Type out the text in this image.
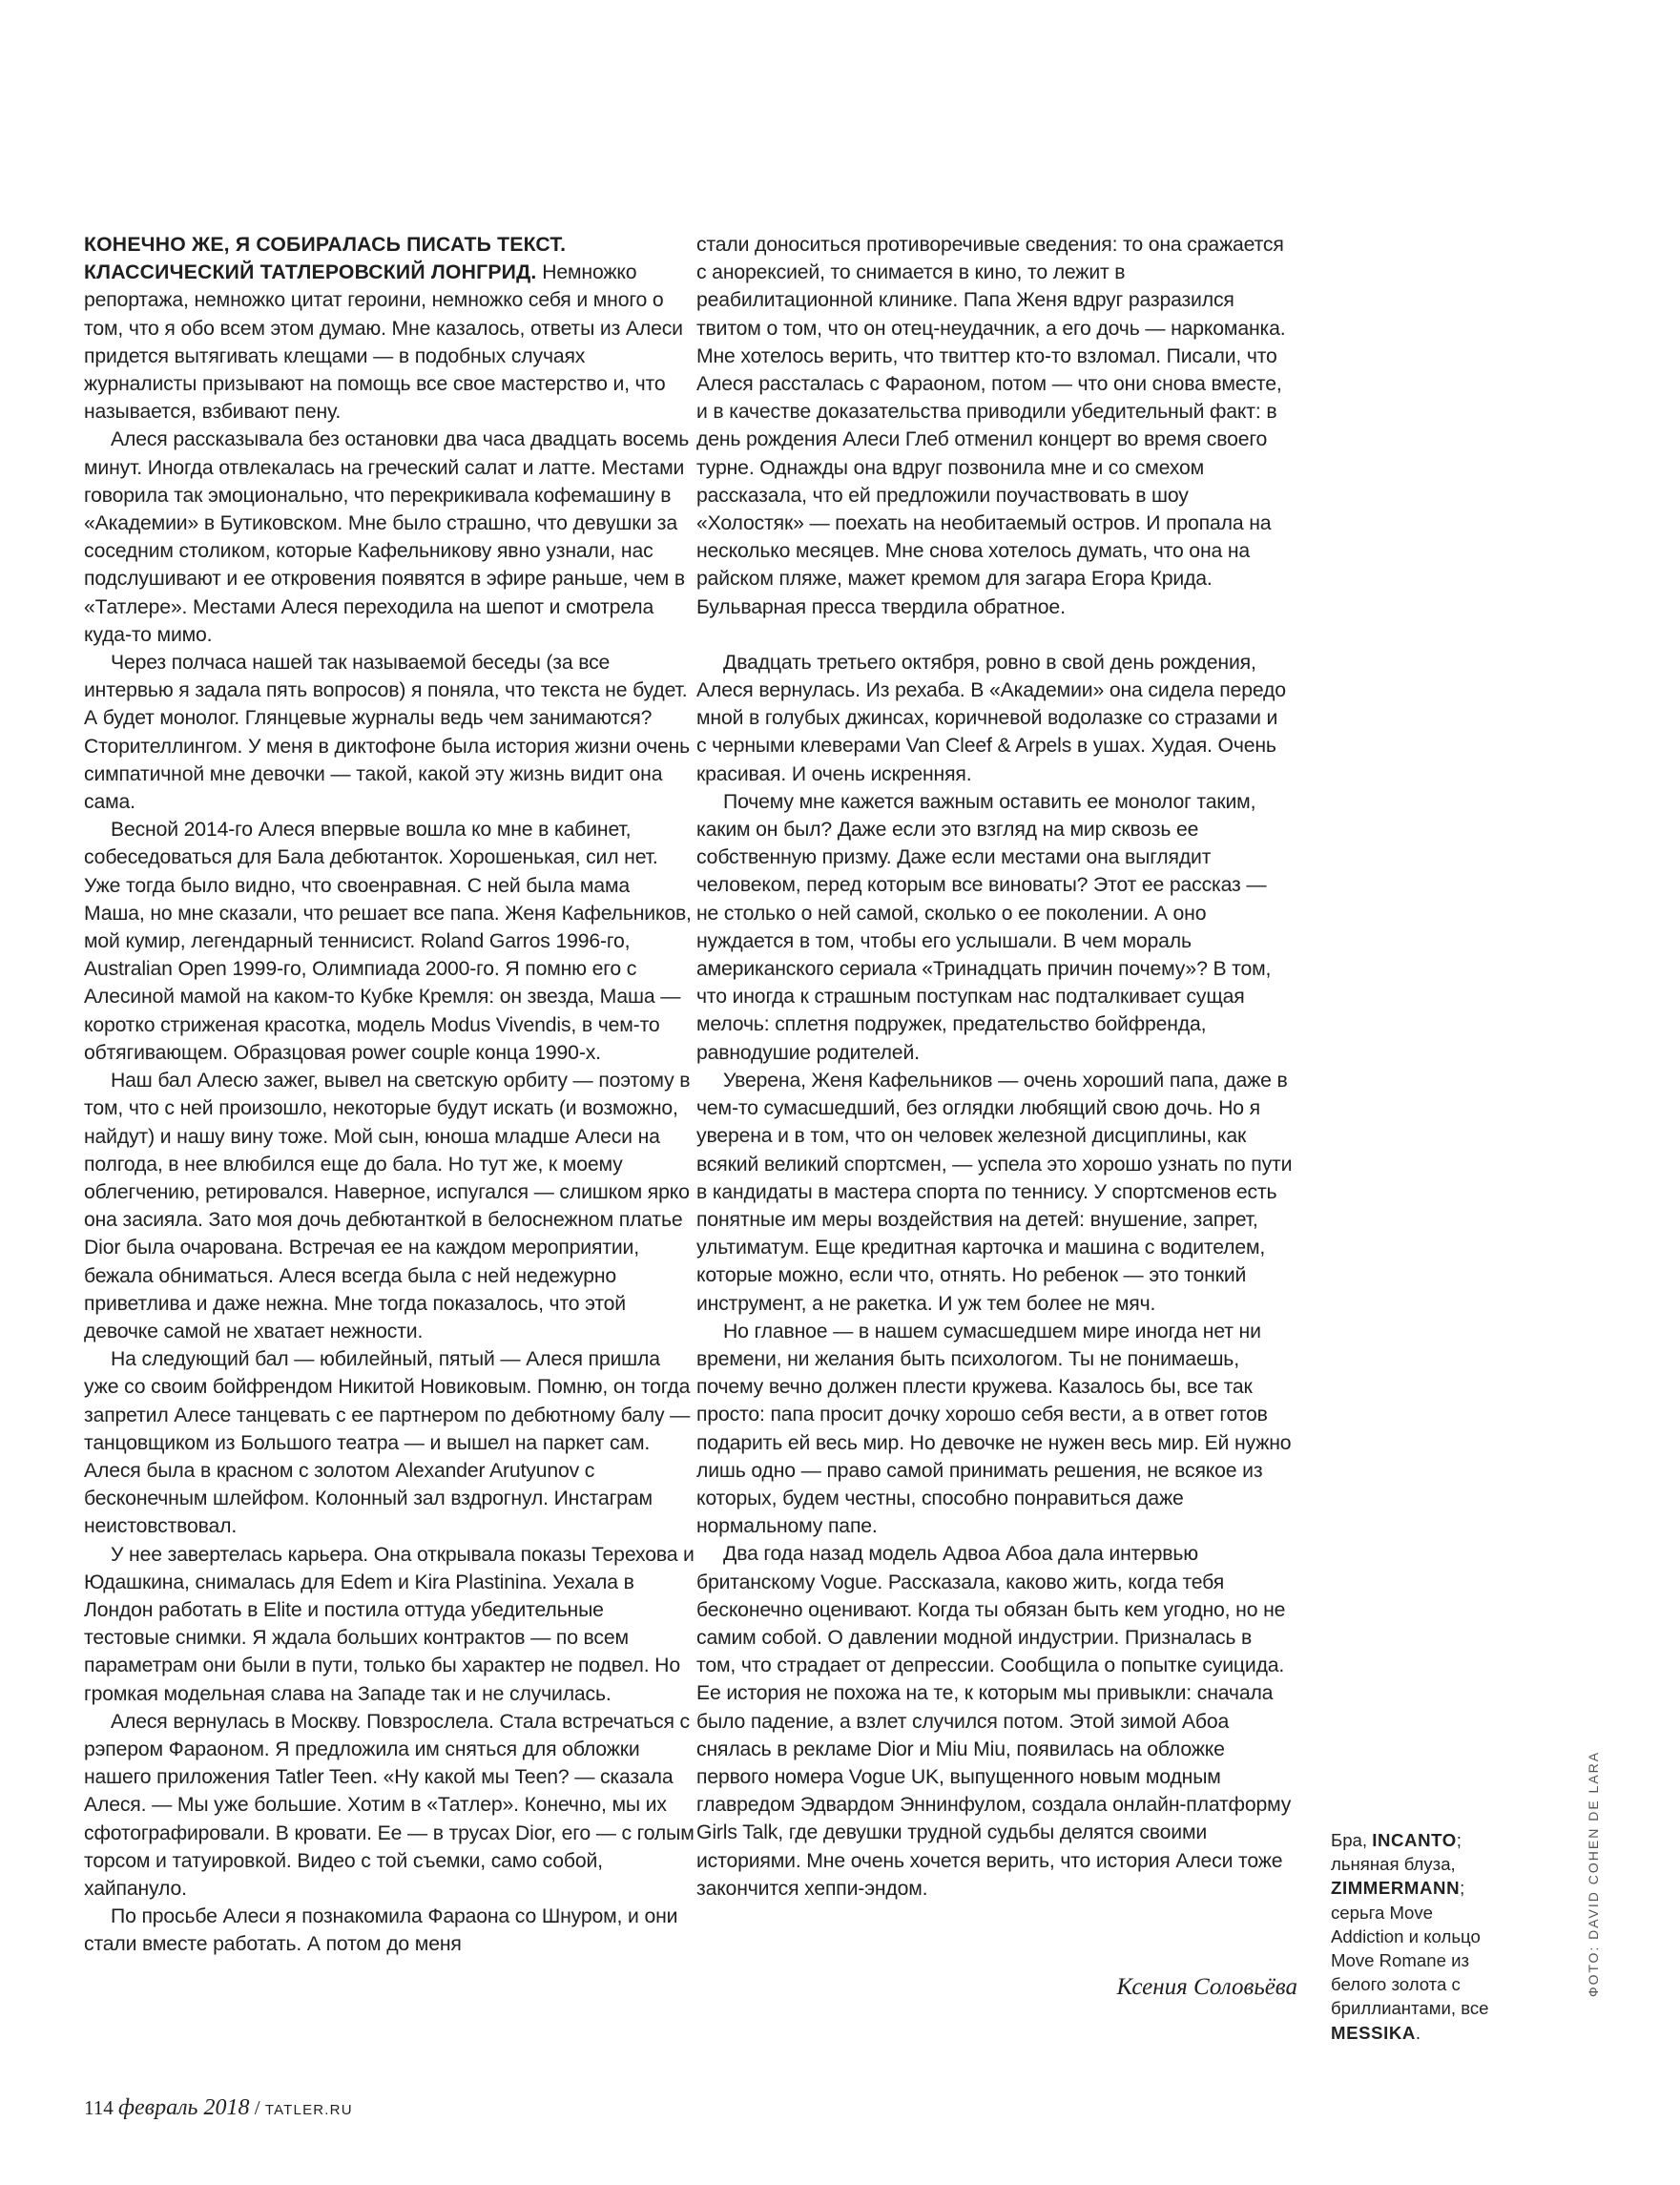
КОНЕЧНО ЖЕ, Я СОБИРАЛАСЬ ПИСАТЬ ТЕКСТ. КЛАССИЧЕСКИЙ ТАТЛЕРОВСКИЙ ЛОНГРИД. Немножко репортажа, немножко цитат героини, немножко себя и много о том, что я обо всем этом думаю. Мне казалось, ответы из Алеси придется вытягивать клещами — в подобных случаях журналисты призывают на помощь все свое мастерство и, что называется, взбивают пену.

Алеся рассказывала без остановки два часа двадцать восемь минут. Иногда отвлекалась на греческий салат и латте. Местами говорила так эмоционально, что перекрикивала кофемашину в «Академии» в Бутиковском. Мне было страшно, что девушки за соседним столиком, которые Кафельникову явно узнали, нас подслушивают и ее откровения появятся в эфире раньше, чем в «Татлере». Местами Алеся переходила на шепот и смотрела куда-то мимо.

Через полчаса нашей так называемой беседы (за все интервью я задала пять вопросов) я поняла, что текста не будет. А будет монолог. Глянцевые журналы ведь чем занимаются? Сторителлингом. У меня в диктофоне была история жизни очень симпатичной мне девочки — такой, какой эту жизнь видит она сама.

Весной 2014-го Алеся впервые вошла ко мне в кабинет, собеседоваться для Бала дебютанток. Хорошенькая, сил нет. Уже тогда было видно, что своенравная. С ней была мама Маша, но мне сказали, что решает все папа. Женя Кафельников, мой кумир, легендарный теннисист. Roland Garros 1996-го, Australian Open 1999-го, Олимпиада 2000-го. Я помню его с Алесиной мамой на каком-то Кубке Кремля: он звезда, Маша — коротко стриженая красотка, модель Modus Vivendis, в чем-то обтягивающем. Образцовая power couple конца 1990-х.

Наш бал Алесю зажег, вывел на светскую орбиту — поэтому в том, что с ней произошло, некоторые будут искать (и возможно, найдут) и нашу вину тоже. Мой сын, юноша младше Алеси на полгода, в нее влюбился еще до бала. Но тут же, к моему облегчению, ретировался. Наверное, испугался — слишком ярко она засияла. Зато моя дочь дебютанткой в белоснежном платье Dior была очарована. Встречая ее на каждом мероприятии, бежала обниматься. Алеся всегда была с ней недежурно приветлива и даже нежна. Мне тогда показалось, что этой девочке самой не хватает нежности.

На следующий бал — юбилейный, пятый — Алеся пришла уже со своим бойфрендом Никитой Новиковым. Помню, он тогда запретил Алесе танцевать с ее партнером по дебютному балу — танцовщиком из Большого театра — и вышел на паркет сам. Алеся была в красном с золотом Alexander Arutyunov с бесконечным шлейфом. Колонный зал вздрогнул. Инстаграм неистовствовал.

У нее завертелась карьера. Она открывала показы Терехова и Юдашкина, снималась для Edem и Kira Plastinina. Уехала в Лондон работать в Elite и постила оттуда убедительные тестовые снимки. Я ждала больших контрактов — по всем параметрам они были в пути, только бы характер не подвел. Но громкая модельная слава на Западе так и не случилась.

Алеся вернулась в Москву. Повзрослела. Стала встречаться с рэпером Фараоном. Я предложила им сняться для обложки нашего приложения Tatler Teen. «Ну какой мы Teen? — сказала Алеся. — Мы уже большие. Хотим в «Татлер». Конечно, мы их сфотографировали. В кровати. Ее — в трусах Dior, его — с голым торсом и татуировкой. Видео с той съемки, само собой, хайпануло.

По просьбе Алеси я познакомила Фараона со Шнуром, и они стали вместе работать. А потом до меня

стали доноситься противоречивые сведения: то она сражается с анорексией, то снимается в кино, то лежит в реабилитационной клинике. Папа Женя вдруг разразился твитом о том, что он отец-неудачник, а его дочь — наркоманка. Мне хотелось верить, что твиттер кто-то взломал. Писали, что Алеся рассталась с Фараоном, потом — что они снова вместе, и в качестве доказательства приводили убедительный факт: в день рождения Алеси Глеб отменил концерт во время своего турне. Однажды она вдруг позвонила мне и со смехом рассказала, что ей предложили поучаствовать в шоу «Холостяк» — поехать на необитаемый остров. И пропала на несколько месяцев. Мне снова хотелось думать, что она на райском пляже, мажет кремом для загара Егора Крида. Бульварная пресса твердила обратное.

Двадцать третьего октября, ровно в свой день рождения, Алеся вернулась. Из рехаба. В «Академии» она сидела передо мной в голубых джинсах, коричневой водолазке со стразами и с черными клеверами Van Cleef & Arpels в ушах. Худая. Очень красивая. И очень искренняя.

Почему мне кажется важным оставить ее монолог таким, каким он был? Даже если это взгляд на мир сквозь ее собственную призму. Даже если местами она выглядит человеком, перед которым все виноваты? Этот ее рассказ — не столько о ней самой, сколько о ее поколении. А оно нуждается в том, чтобы его услышали. В чем мораль американского сериала «Тринадцать причин почему»? В том, что иногда к страшным поступкам нас подталкивает сущая мелочь: сплетня подружек, предательство бойфренда, равнодушие родителей.

Уверена, Женя Кафельников — очень хороший папа, даже в чем-то сумасшедший, без оглядки любящий свою дочь. Но я уверена и в том, что он человек железной дисциплины, как всякий великий спортсмен, — успела это хорошо узнать по пути в кандидаты в мастера спорта по теннису. У спортсменов есть понятные им меры воздействия на детей: внушение, запрет, ультиматум. Еще кредитная карточка и машина с водителем, которые можно, если что, отнять. Но ребенок — это тонкий инструмент, а не ракетка. И уж тем более не мяч.

Но главное — в нашем сумасшедшем мире иногда нет ни времени, ни желания быть психологом. Ты не понимаешь, почему вечно должен плести кружева. Казалось бы, все так просто: папа просит дочку хорошо себя вести, а в ответ готов подарить ей весь мир. Но девочке не нужен весь мир. Ей нужно лишь одно — право самой принимать решения, не всякое из которых, будем честны, способно понравиться даже нормальному папе.

Два года назад модель Адвоа Абоа дала интервью британскому Vogue. Рассказала, каково жить, когда тебя бесконечно оценивают. Когда ты обязан быть кем угодно, но не самим собой. О давлении модной индустрии. Призналась в том, что страдает от депрессии. Сообщила о попытке суицида. Ее история не похожа на те, к которым мы привыкли: сначала было падение, а взлет случился потом. Этой зимой Абоа снялась в рекламе Dior и Miu Miu, появилась на обложке первого номера Vogue UK, выпущенного новым модным главредом Эдвардом Эннинфулом, создала онлайн-платформу Girls Talk, где девушки трудной судьбы делятся своими историями. Мне очень хочется верить, что история Алеси тоже закончится хеппи-эндом.

Ксения Соловьёва
Бра, INCANTO; льняная блуза, ZIMMERMANN; серьга Move Addiction и кольцо Move Romane из белого золота с бриллиантами, все MESSIKA.
ФОТО: DAVID COHEN DE LARA
114 февраль 2018 / TATLER.RU
